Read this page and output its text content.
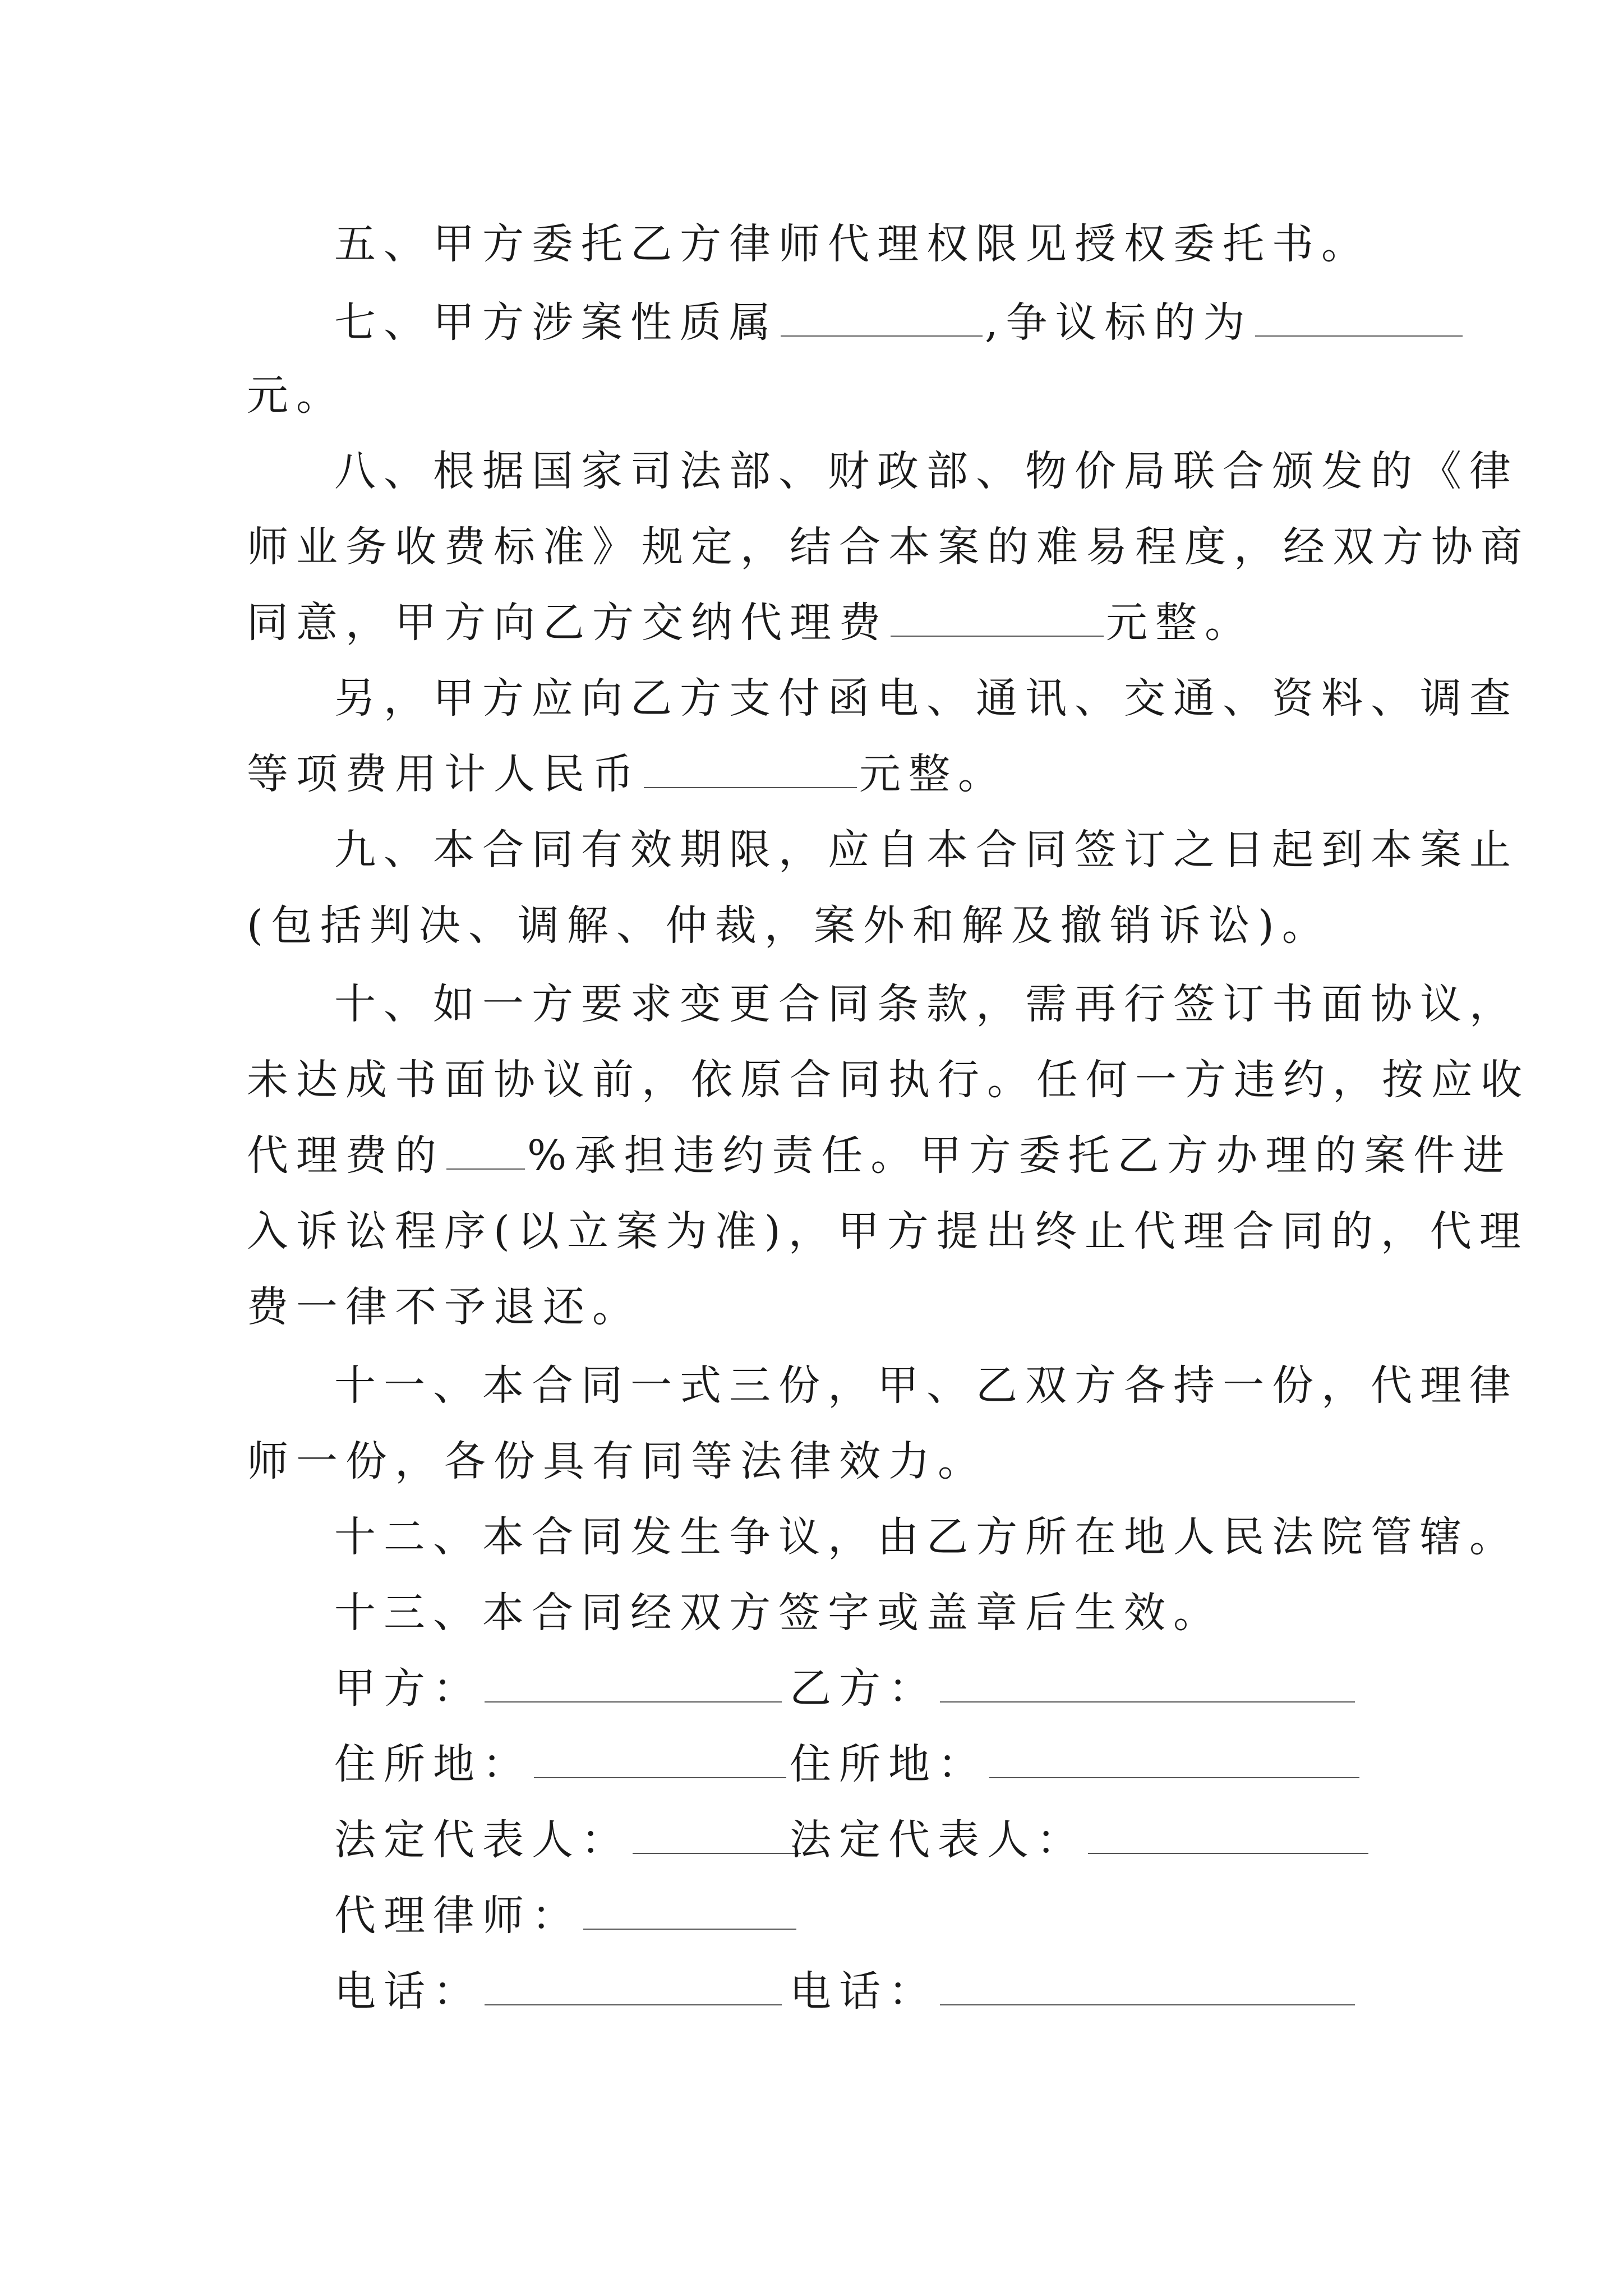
五、甲方委托乙方律师代理权限见授权委托书。
七、甲方涉案性质属	,争议标的为
元。
八、根据国家司法部、财政部、物价局联合颁发的《律
师业务收费标准》规定，结合本案的难易程度，经双方协商
同意，甲方向乙方交纳代理费	元整。
另，甲方应向乙方支付函电、通讯、交通、资料、调查
等项费用计人民币	元整。
九、本合同有效期限，应自本合同签订之日起到本案止
(包括判决、调解、仲裁，案外和解及撤销诉讼)。
十、如一方要求变更合同条款，需再行签订书面协议，
未达成书面协议前，依原合同执行。任何一方违约，按应收
代理费的 %承担违约责任。甲方委托乙方办理的案件进
入诉讼程序(以立案为准)，甲方提出终止代理合同的，代理
费一律不予退还。
十一、本合同一式三份，甲、乙双方各持一份，代理律
师一份，各份具有同等法律效力。
十二、本合同发生争议，由乙方所在地人民法院管辖。
十三、本合同经双方签字或盖章后生效。
甲方：	乙方：
住所地：	住所地：
法定代表人：	法定代表人：
代理律师：
电话：	电话：
